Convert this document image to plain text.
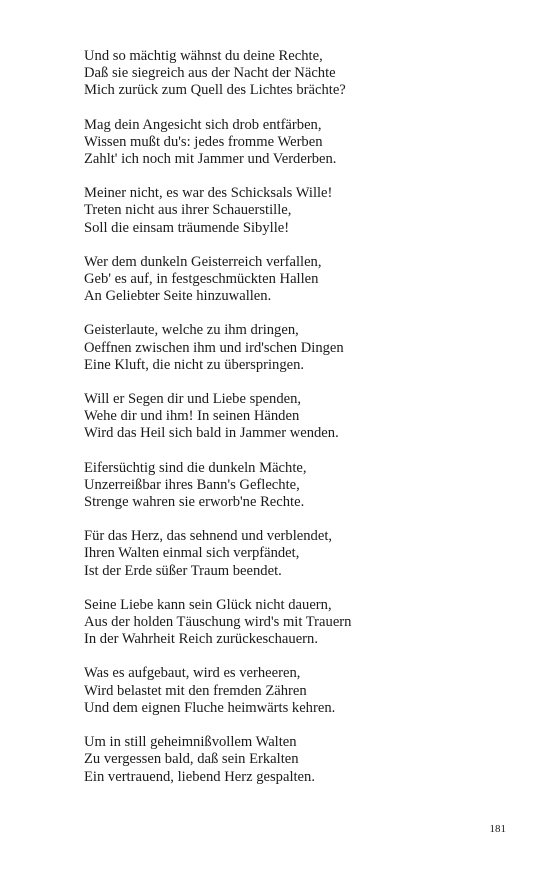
Und so mächtig wähnst du deine Rechte,
Daß sie siegreich aus der Nacht der Nächte
Mich zurück zum Quell des Lichtes brächte?
Mag dein Angesicht sich drob entfärben,
Wissen mußt du's: jedes fromme Werben
Zahlt' ich noch mit Jammer und Verderben.
Meiner nicht, es war des Schicksals Wille!
Treten nicht aus ihrer Schauerstille,
Soll die einsam träumende Sibylle!
Wer dem dunkeln Geisterreich verfallen,
Geb' es auf, in festgeschmückten Hallen
An Geliebter Seite hinzuwallen.
Geisterlaute, welche zu ihm dringen,
Oeffnen zwischen ihm und ird'schen Dingen
Eine Kluft, die nicht zu überspringen.
Will er Segen dir und Liebe spenden,
Wehe dir und ihm! In seinen Händen
Wird das Heil sich bald in Jammer wenden.
Eifersüchtig sind die dunkeln Mächte,
Unzerreißbar ihres Bann's Geflechte,
Strenge wahren sie erworb'ne Rechte.
Für das Herz, das sehnend und verblendet,
Ihren Walten einmal sich verpfändet,
Ist der Erde süßer Traum beendet.
Seine Liebe kann sein Glück nicht dauern,
Aus der holden Täuschung wird's mit Trauern
In der Wahrheit Reich zurückeschauern.
Was es aufgebaut, wird es verheeren,
Wird belastet mit den fremden Zähren
Und dem eignen Fluche heimwärts kehren.
Um in still geheimnißvollem Walten
Zu vergessen bald, daß sein Erkalten
Ein vertrauend, liebend Herz gespalten.
181
